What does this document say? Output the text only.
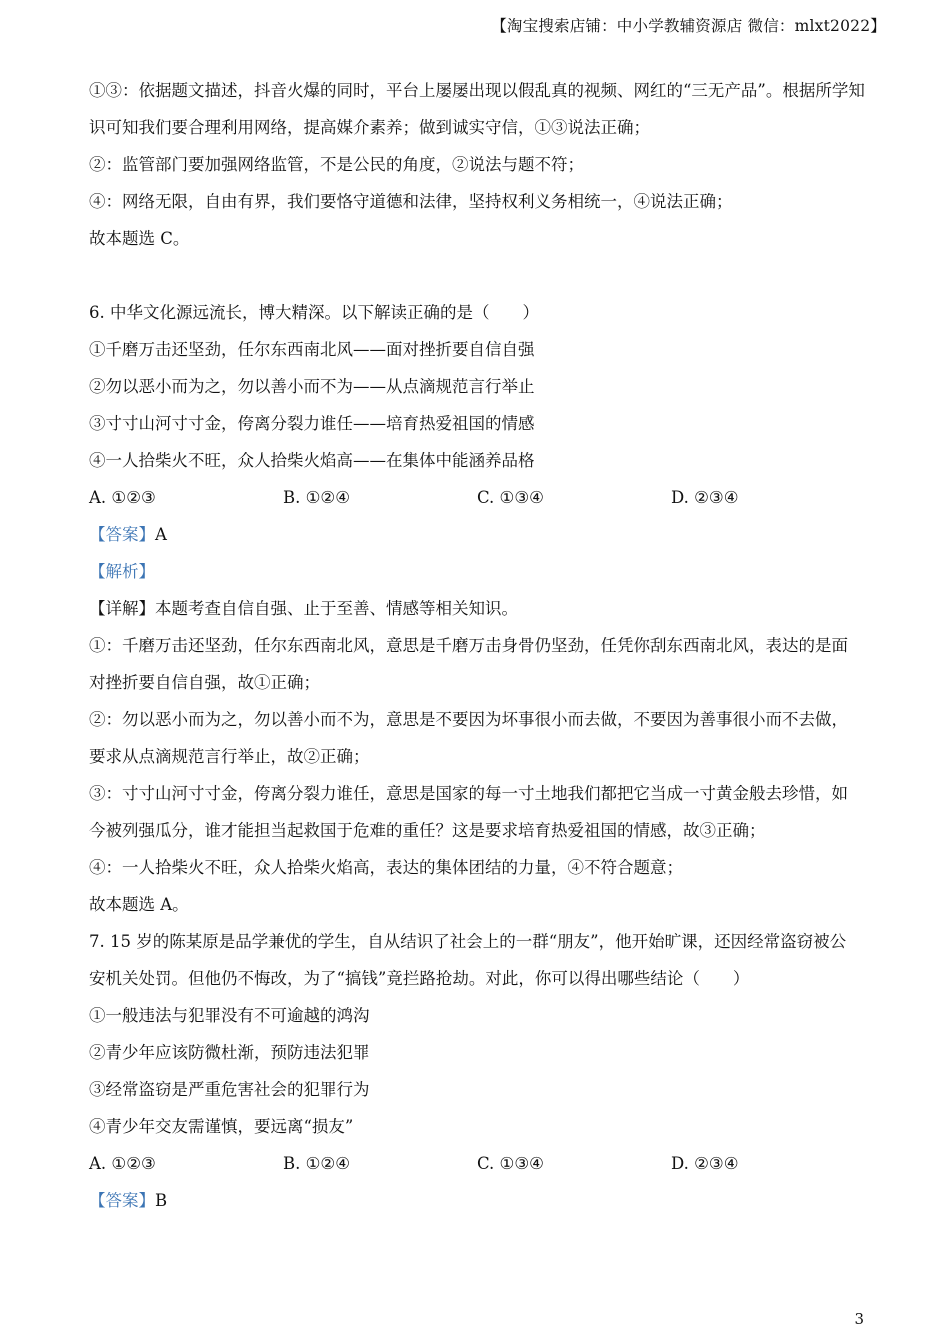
【淘宝搜索店铺：中小学教辅资源店 微信：mlxt2022】
①③：依据题文描述，抖音火爆的同时，平台上屡屡出现以假乱真的视频、网红的“三无产品”。根据所学知
识可知我们要合理利用网络，提高媒介素养；做到诚实守信，①③说法正确；
②：监管部门要加强网络监管，不是公民的角度，②说法与题不符；
④：网络无限，自由有界，我们要恪守道德和法律，坚持权利义务相统一，④说法正确；
故本题选 C。
6. 中华文化源远流长，博大精深。以下解读正确的是（　　）
①千磨万击还坚劲，任尔东西南北风——面对挫折要自信自强
②勿以恶小而为之，勿以善小而不为——从点滴规范言行举止
③寸寸山河寸寸金，侉离分裂力谁任——培育热爱祖国的情感
④一人拾柴火不旺，众人拾柴火焰高——在集体中能涵养品格
A. ①②③	B. ①②④	C. ①③④	D. ②③④
【答案】A
【解析】
【详解】本题考查自信自强、止于至善、情感等相关知识。
①：千磨万击还坚劲，任尔东西南北风，意思是千磨万击身骨仍坚劲，任凭你刮东西南北风，表达的是面
对挫折要自信自强，故①正确；
②：勿以恶小而为之，勿以善小而不为，意思是不要因为坏事很小而去做，不要因为善事很小而不去做，
要求从点滴规范言行举止，故②正确；
③：寸寸山河寸寸金，侉离分裂力谁任，意思是国家的每一寸土地我们都把它当成一寸黄金般去珍惜，如
今被列强瓜分，谁才能担当起救国于危难的重任？这是要求培育热爱祖国的情感，故③正确；
④：一人拾柴火不旺，众人拾柴火焰高，表达的集体团结的力量，④不符合题意；
故本题选 A。
7. 15 岁的陈某原是品学兼优的学生，自从结识了社会上的一群“朋友”，他开始旷课，还因经常盗窃被公
安机关处罚。但他仍不悔改，为了“搞钱”竟拦路抢劫。对此，你可以得出哪些结论（　　）
①一般违法与犯罪没有不可逾越的鸿沟
②青少年应该防微杜渐，预防违法犯罪
③经常盗窃是严重危害社会的犯罪行为
④青少年交友需谨慎，要远离“损友”
A. ①②③	B. ①②④	C. ①③④	D. ②③④
【答案】B
3
